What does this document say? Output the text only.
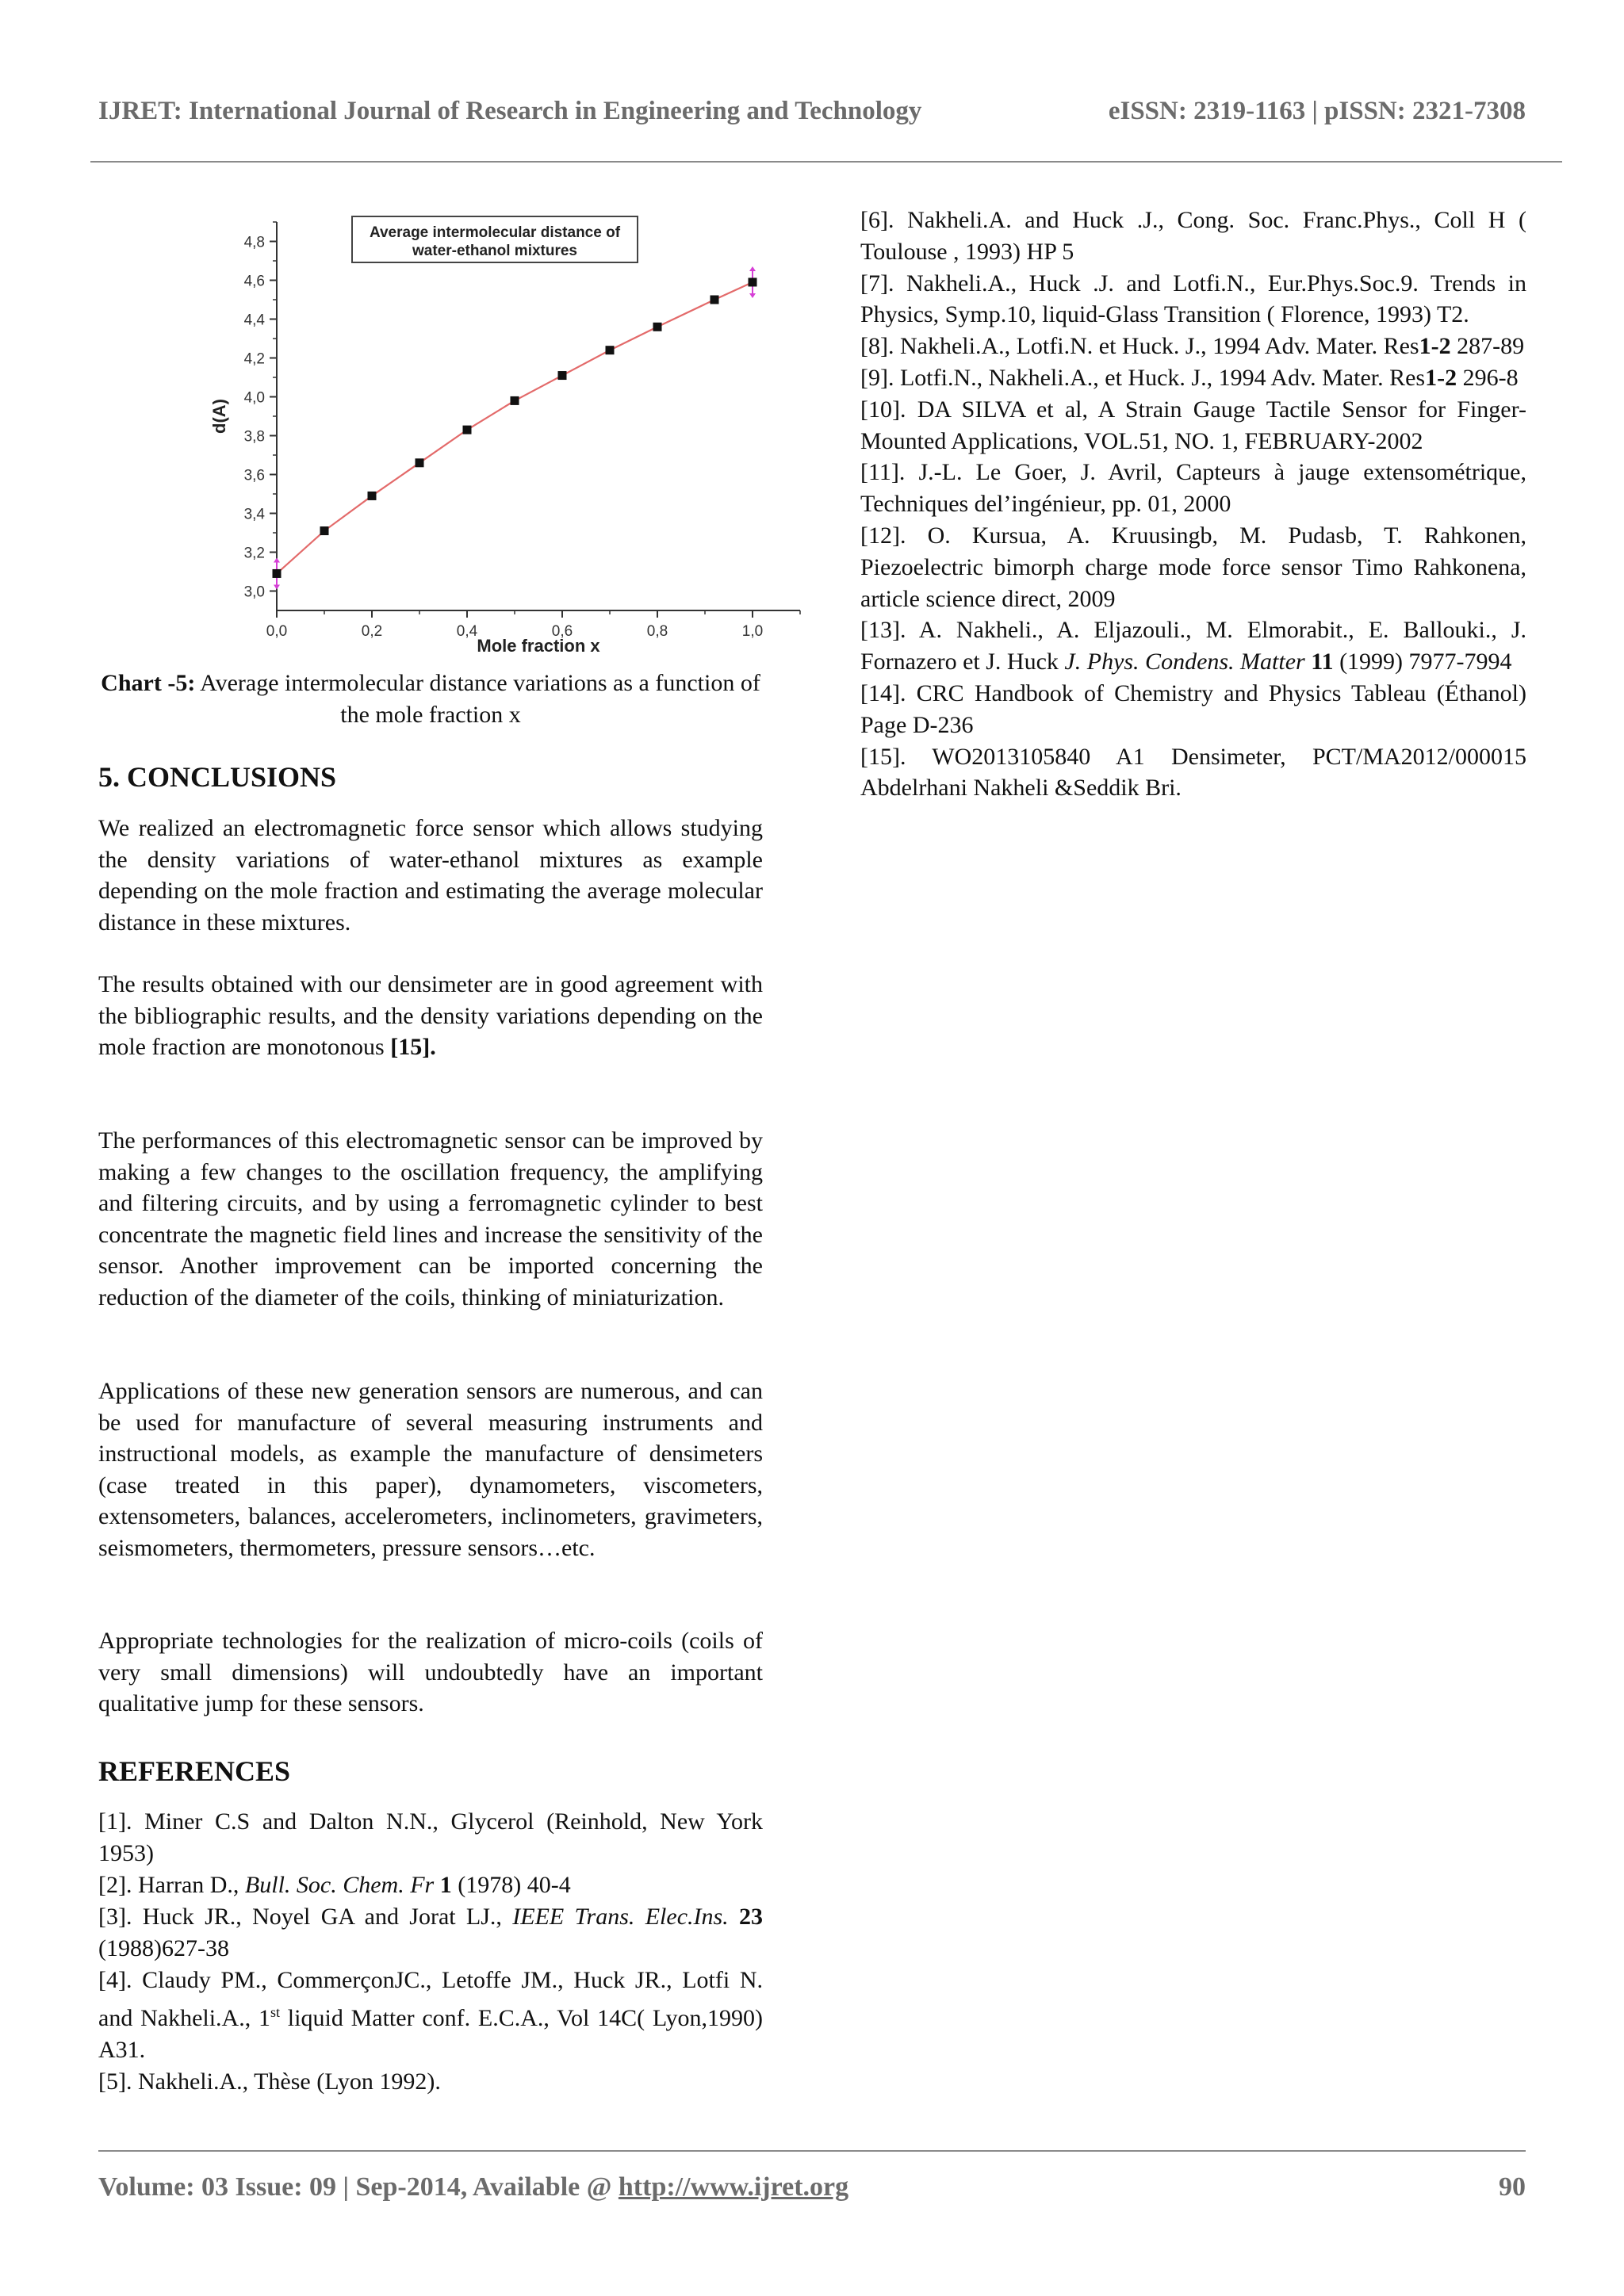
IJRET: International Journal of Research in Engineering and Technology	eISSN: 2319-1163 | pISSN: 2321-7308
3,0
3,2
3,4
3,6
3,8
4,0
4,2
4,4
4,6
4,8
0,0	0,2	0,4	0,6	0,8	1,0
Mole fraction x
d(A)
Average intermolecular distance of
water-ethanol mixtures
Chart -5: Average intermolecular distance variations as a function of the mole fraction x
5. CONCLUSIONS

We realized an electromagnetic force sensor which allows studying the density variations of water-ethanol mixtures as example depending on the mole fraction and estimating the average molecular distance in these mixtures.

The results obtained with our densimeter are in good agreement with the bibliographic results, and the density variations depending on the mole fraction are monotonous [15].

The performances of this electromagnetic sensor can be improved by making a few changes to the oscillation frequency, the amplifying and filtering circuits, and by using a ferromagnetic cylinder to best concentrate the magnetic field lines and increase the sensitivity of the sensor. Another improvement can be imported concerning the reduction of the diameter of the coils, thinking of miniaturization.

Applications of these new generation sensors are numerous, and can be used for manufacture of several measuring instruments and instructional models, as example the manufacture of densimeters (case treated in this paper), dynamometers, viscometers, extensometers, balances, accelerometers, inclinometers, gravimeters, seismometers, thermometers, pressure sensors…etc.

Appropriate technologies for the realization of micro-coils (coils of very small dimensions) will undoubtedly have an important qualitative jump for these sensors.

REFERENCES

[1]. Miner C.S and Dalton N.N., Glycerol (Reinhold, New York 1953)

[2]. Harran D., Bull. Soc. Chem. Fr 1 (1978) 40-4

[3]. Huck JR., Noyel GA and Jorat LJ., IEEE Trans. Elec.Ins. 23 (1988)627-38

[4]. Claudy PM., CommerçonJC., Letoffe JM., Huck JR., Lotfi N. and Nakheli.A., 1st liquid Matter conf. E.C.A., Vol 14C( Lyon,1990) A31.

[5]. Nakheli.A., Thèse (Lyon 1992).

[6]. Nakheli.A. and Huck .J., Cong. Soc. Franc.Phys., Coll H ( Toulouse , 1993) HP 5

[7]. Nakheli.A., Huck .J. and Lotfi.N., Eur.Phys.Soc.9. Trends in Physics, Symp.10, liquid-Glass Transition ( Florence, 1993) T2.

[8]. Nakheli.A., Lotfi.N. et Huck. J., 1994 Adv. Mater. Res1-2 287-89

[9]. Lotfi.N., Nakheli.A., et Huck. J., 1994 Adv. Mater. Res1-2 296-8

[10]. DA SILVA et al, A Strain Gauge Tactile Sensor for Finger-Mounted Applications, VOL.51, NO. 1, FEBRUARY-2002

[11]. J.-L. Le Goer, J. Avril, Capteurs à jauge extensométrique, Techniques del’ingénieur, pp. 01, 2000

[12]. O. Kursua, A. Kruusingb, M. Pudasb, T. Rahkonen, Piezoelectric bimorph charge mode force sensor Timo Rahkonena, article science direct, 2009

[13]. A. Nakheli., A. Eljazouli., M. Elmorabit., E. Ballouki., J. Fornazero et J. Huck J. Phys. Condens. Matter 11 (1999) 7977-7994

[14]. CRC Handbook of Chemistry and Physics Tableau (Éthanol) Page D-236

[15]. WO2013105840 A1 Densimeter, PCT/MA2012/000015 Abdelrhani Nakheli &Seddik Bri.

Volume: 03 Issue: 09 | Sep-2014, Available @ http://www.ijret.org	90
